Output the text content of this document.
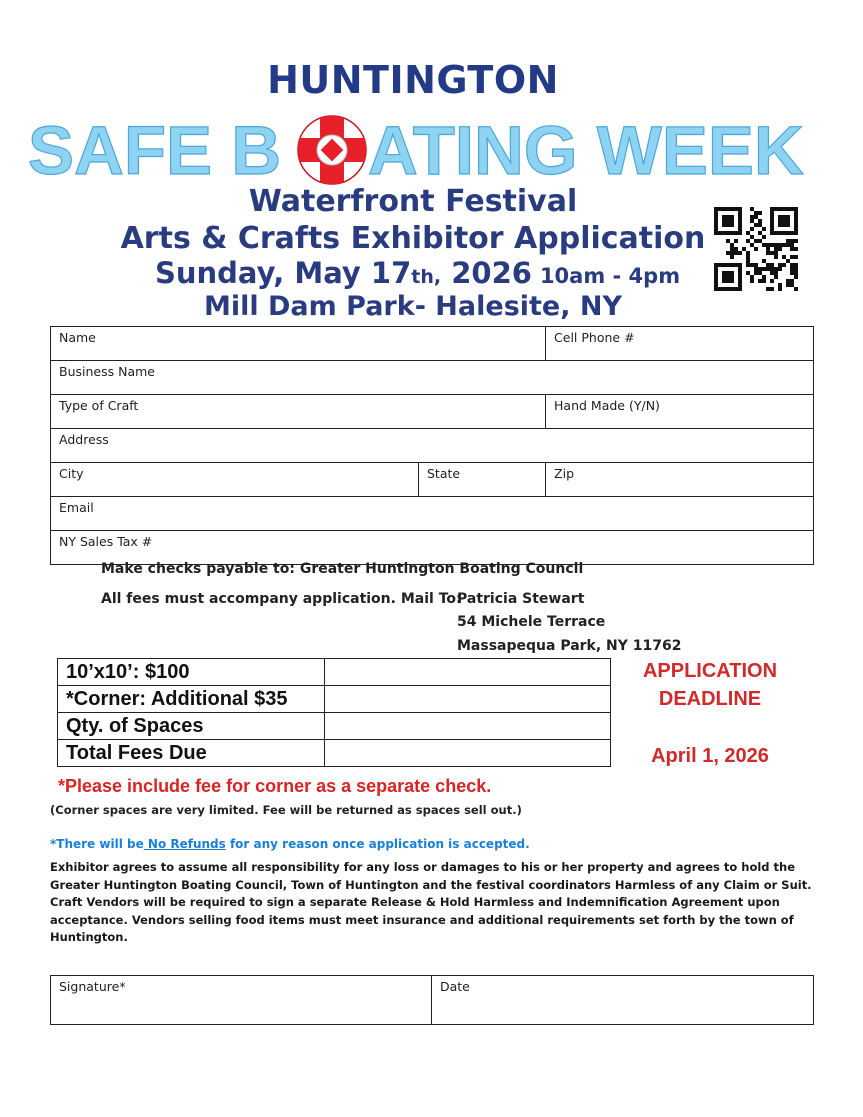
HUNTINGTON
SAFE B ATING WEEK
Waterfront Festival
Arts & Crafts Exhibitor Application
Sunday, May 17th, 2026 10am - 4pm
Mill Dam Park- Halesite, NY
Name		Cell Phone #
Business Name		
Type of Craft		Hand Made (Y/N)
Address		
City	State	Zip
Email		
NY Sales Tax #		
Make checks payable to: Greater Huntington Boating Council
All fees must accompany application. Mail To:
Patricia Stewart
54 Michele Terrace
Massapequa Park, NY 11762
10’x10’: $100	
*Corner: Additional $35	
Qty. of Spaces	
Total Fees Due	
APPLICATION
DEADLINE
April 1, 2026
*Please include fee for corner as a separate check.
(Corner spaces are very limited. Fee will be returned as spaces sell out.)
*There will be No Refunds for any reason once application is accepted.
Exhibitor agrees to assume all responsibility for any loss or damages to his or her property and agrees to hold the Greater Huntington Boating Council, Town of Huntington and the festival coordinators Harmless of any Claim or Suit. Craft Vendors will be required to sign a separate Release & Hold Harmless and Indemnification Agreement upon acceptance. Vendors selling food items must meet insurance and additional requirements set forth by the town of Huntington.
Signature*	Date
